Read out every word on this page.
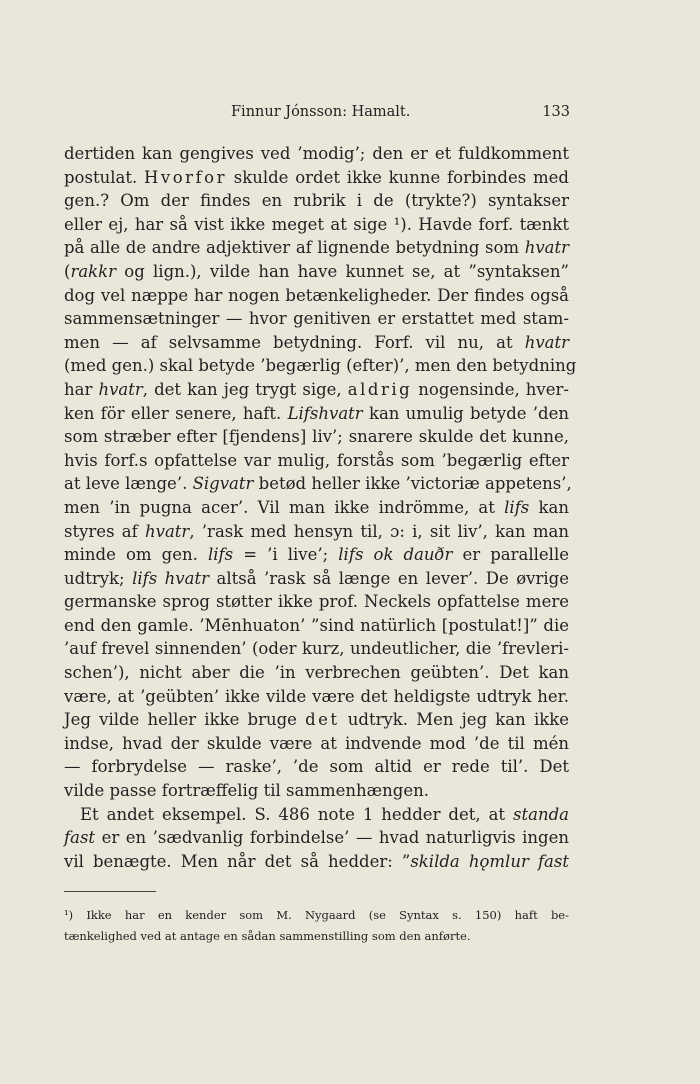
Finnur Jónsson: Hamalt.	133
dertiden kan gengives ved ’modig’; den er et fuldkomment
postulat. Hvorfor skulde ordet ikke kunne forbindes med
gen.? Om der findes en rubrik i de (trykte?) syntakser
eller ej, har så vist ikke meget at sige ¹). Havde forf. tænkt
på alle de andre adjektiver af lignende betydning som hvatr
(rakkr og lign.), vilde han have kunnet se, at ”syntaksen”
dog vel næppe har nogen betænkeligheder. Der findes også
sammensætninger — hvor genitiven er erstattet med stam-
men — af selvsamme betydning. Forf. vil nu, at hvatr
(med gen.) skal betyde ’begærlig (efter)’, men den betydning
har hvatr, det kan jeg trygt sige, aldrig nogensinde, hver-
ken för eller senere, haft. Lifshvatr kan umulig betyde ’den
som stræber efter [fjendens] liv’; snarere skulde det kunne,
hvis forf.s opfattelse var mulig, forstås som ’begærlig efter
at leve længe’. Sigvatr betød heller ikke ’victoriæ appetens’,
men ’in pugna acer’. Vil man ikke indrömme, at lifs kan
styres af hvatr, ’rask med hensyn til, ɔ: i, sit liv’, kan man
minde om gen. lifs = ’i live’; lifs ok dauðr er parallelle
udtryk; lifs hvatr altså ’rask så længe en lever’. De øvrige
germanske sprog støtter ikke prof. Neckels opfattelse mere
end den gamle. ’Mēnhuaton’ ”sind natürlich [postulat!]” die
’auf frevel sinnenden’ (oder kurz, undeutlicher, die ’frevleri-
schen’), nicht aber die ’in verbrechen geübten’. Det kan
være, at ’geübten’ ikke vilde være det heldigste udtryk her.
Jeg vilde heller ikke bruge det udtryk. Men jeg kan ikke
indse, hvad der skulde være at indvende mod ’de til mén
— forbrydelse — raske’, ’de som altid er rede til’. Det
vilde passe fortræffelig til sammenhængen.
Et andet eksempel. S. 486 note 1 hedder det, at standa
fast er en ’sædvanlig forbindelse’ — hvad naturligvis ingen
vil benægte. Men når det så hedder: ”skilda hǫmlur fast
¹) Ikke har en kender som M. Nygaard (se Syntax s. 150) haft be-
tænkelighed ved at antage en sådan sammenstilling som den anførte.
